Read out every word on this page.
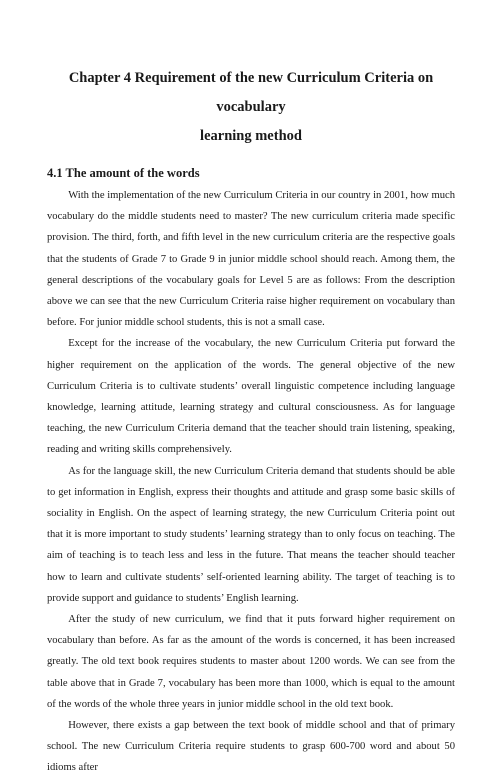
Chapter 4 Requirement of the new Curriculum Criteria on vocabulary
learning method
4.1 The amount of the words

With the implementation of the new Curriculum Criteria in our country in 2001, how much vocabulary do the middle students need to master? The new curriculum criteria made specific provision. The third, forth, and fifth level in the new curriculum criteria are the respective goals that the students of Grade 7 to Grade 9 in junior middle school should reach. Among them, the general descriptions of the vocabulary goals for Level 5 are as follows: From the description above we can see that the new Curriculum Criteria raise higher requirement on vocabulary than before. For junior middle school students, this is not a small case.

Except for the increase of the vocabulary, the new Curriculum Criteria put forward the higher requirement on the application of the words. The general objective of the new Curriculum Criteria is to cultivate students’ overall linguistic competence including language knowledge, learning attitude, learning strategy and cultural consciousness. As for language teaching, the new Curriculum Criteria demand that the teacher should train listening, speaking, reading and writing skills comprehensively.

As for the language skill, the new Curriculum Criteria demand that students should be able to get information in English, express their thoughts and attitude and grasp some basic skills of sociality in English. On the aspect of learning strategy, the new Curriculum Criteria point out that it is more important to study students’ learning strategy than to only focus on teaching. The aim of teaching is to teach less and less in the future. That means the teacher should teacher how to learn and cultivate students’ self-oriented learning ability. The target of teaching is to provide support and guidance to students’ English learning.

After the study of new curriculum, we find that it puts forward higher requirement on vocabulary than before. As far as the amount of the words is concerned, it has been increased greatly. The old text book requires students to master about 1200 words. We can see from the table above that in Grade 7, vocabulary has been more than 1000, which is equal to the amount of the words of the whole three years in junior middle school in the old text book.

However, there exists a gap between the text book of middle school and that of primary school. The new Curriculum Criteria require students to grasp 600-700 word and about 50 idioms after
